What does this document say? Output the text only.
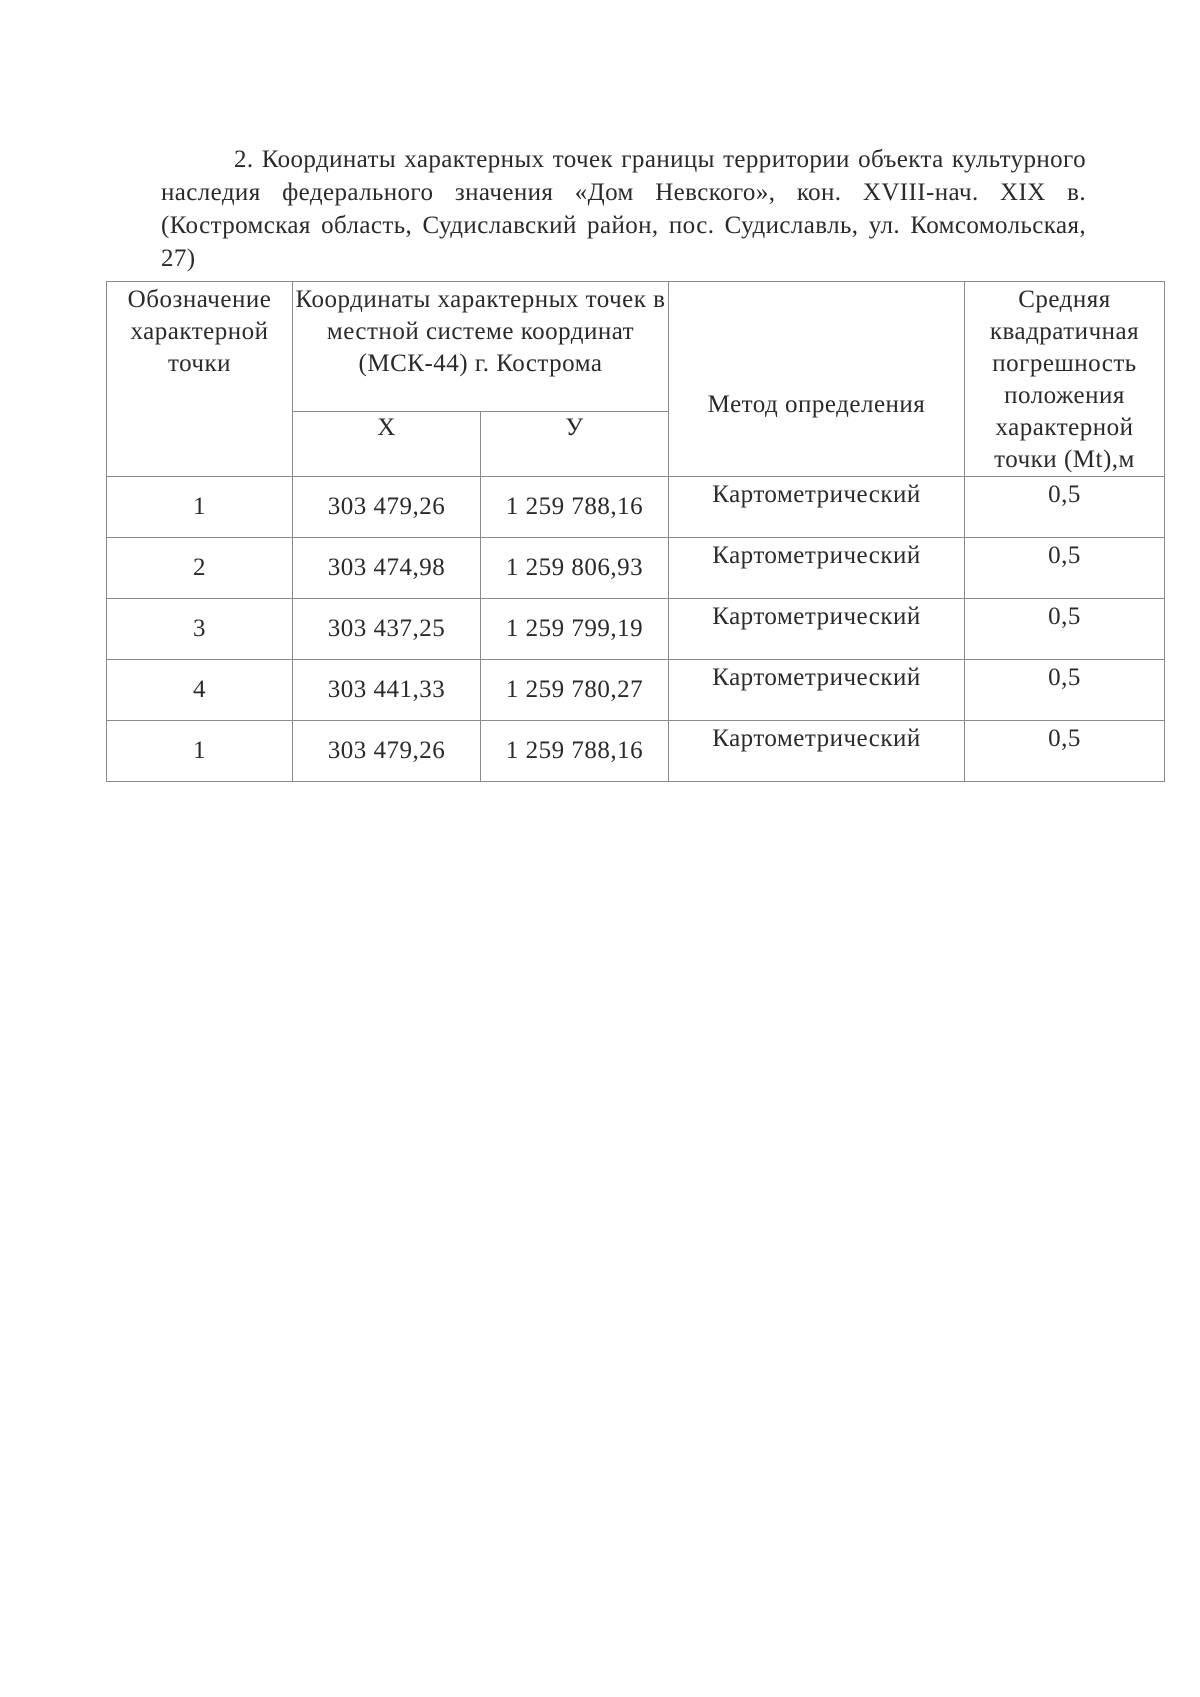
2. Координаты характерных точек границы территории объекта культурного наследия федерального значения «Дом Невского», кон. XVIII-нач. XIX в. (Костромская область, Судиславский район, пос. Судиславль, ул. Комсомольская, 27)

Обозначение характерной точки	Координаты характерных точек в местной системе координат (МСК-44) г. Кострома		Метод определения	Средняя квадратичная погрешность положения характерной точки (Mt),м
	Х	У		
1	303 479,26	1 259 788,16	Картометрический	0,5
2	303 474,98	1 259 806,93	Картометрический	0,5
3	303 437,25	1 259 799,19	Картометрический	0,5
4	303 441,33	1 259 780,27	Картометрический	0,5
1	303 479,26	1 259 788,16	Картометрический	0,5
